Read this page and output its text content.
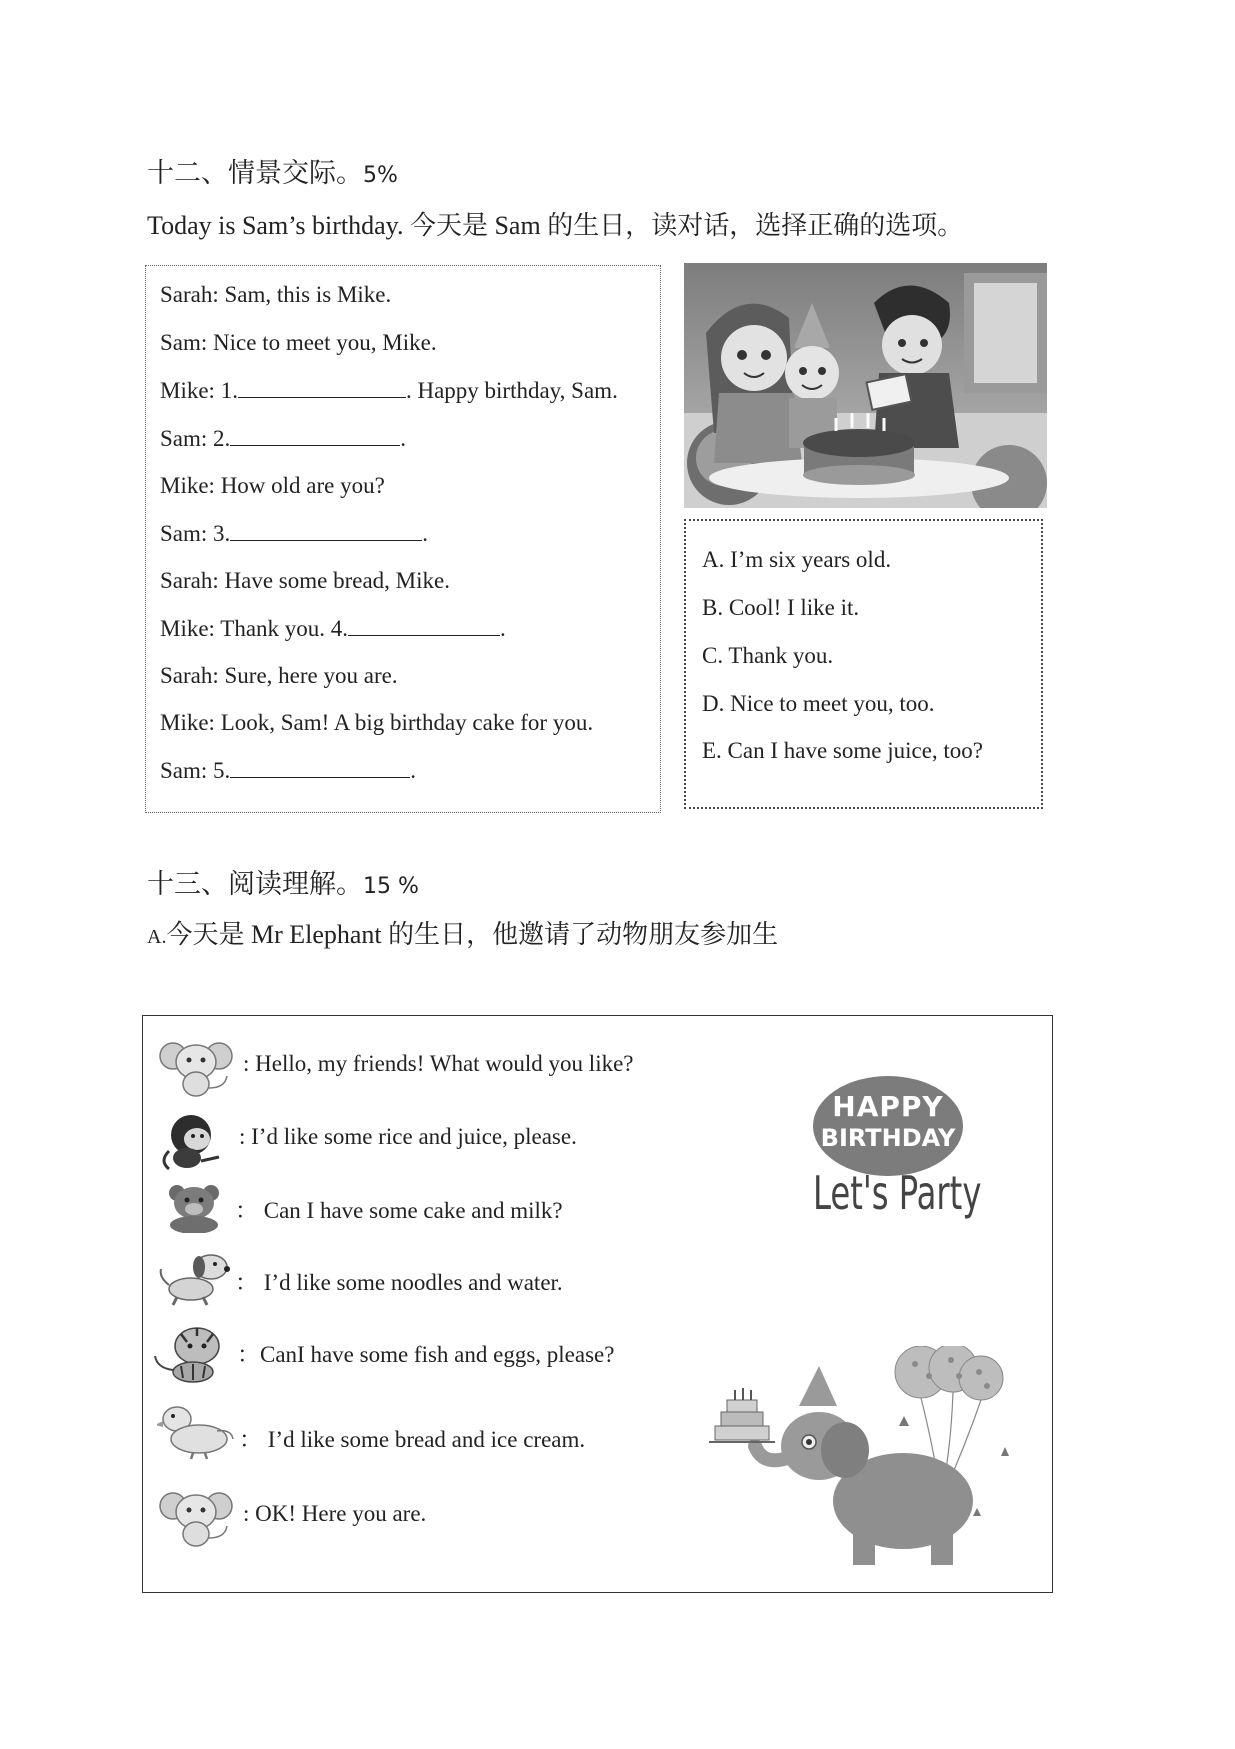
十二、情景交际。5%
Today is Sam’s birthday. 今天是 Sam 的生日，读对话，选择正确的选项。
Sarah: Sam, this is Mike.
Sam: Nice to meet you, Mike.
Mike: 1.	. Happy birthday, Sam.
Sam: 2.	.
Mike: How old are you?
Sam: 3.	.
Sarah: Have some bread, Mike.
Mike: Thank you. 4.	.
Sarah: Sure, here you are.
Mike: Look, Sam! A big birthday cake for you.
Sam: 5.	.
A. I’m six years old.
B. Cool! I like it.
C. Thank you.
D. Nice to meet you, too.
E. Can I have some juice, too?
十三、阅读理解。15 %
A.今天是 Mr Elephant 的生日，他邀请了动物朋友参加生
: Hello, my friends! What would you like?
: I’d like some rice and juice, please.
： Can I have some cake and milk?
： I’d like some noodles and water.
：CanI have some fish and eggs, please?
： I’d like some bread and ice cream.
: OK! Here you are.
HAPPY
BIRTHDAY
Let's Party
